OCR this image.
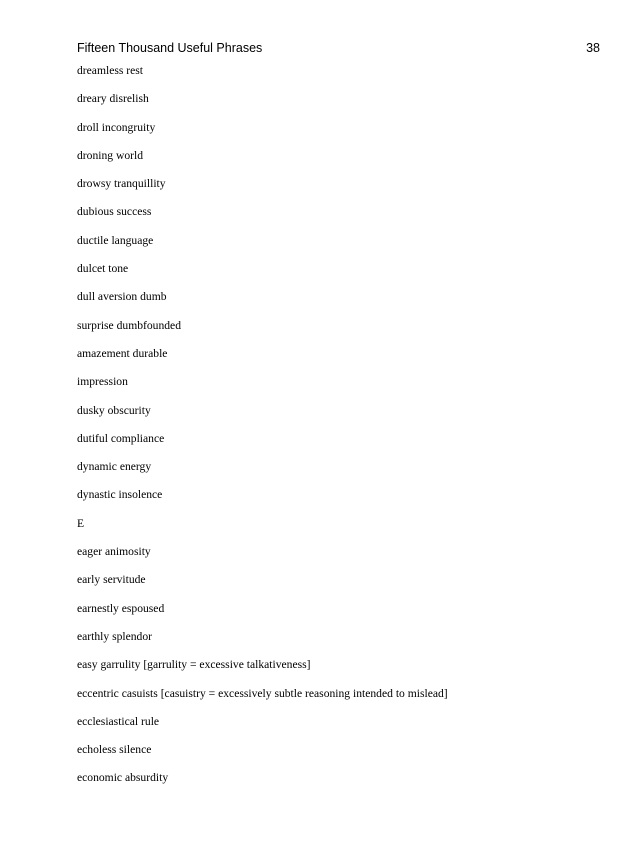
Fifteen Thousand Useful Phrases	38
dreamless rest
dreary disrelish
droll incongruity
droning world
drowsy tranquillity
dubious success
ductile language
dulcet tone
dull aversion dumb
surprise dumbfounded
amazement durable
impression
dusky obscurity
dutiful compliance
dynamic energy
dynastic insolence
E
eager animosity
early servitude
earnestly espoused
earthly splendor
easy garrulity [garrulity = excessive talkativeness]
eccentric casuists [casuistry = excessively subtle reasoning intended to mislead]
ecclesiastical rule
echoless silence
economic absurdity
